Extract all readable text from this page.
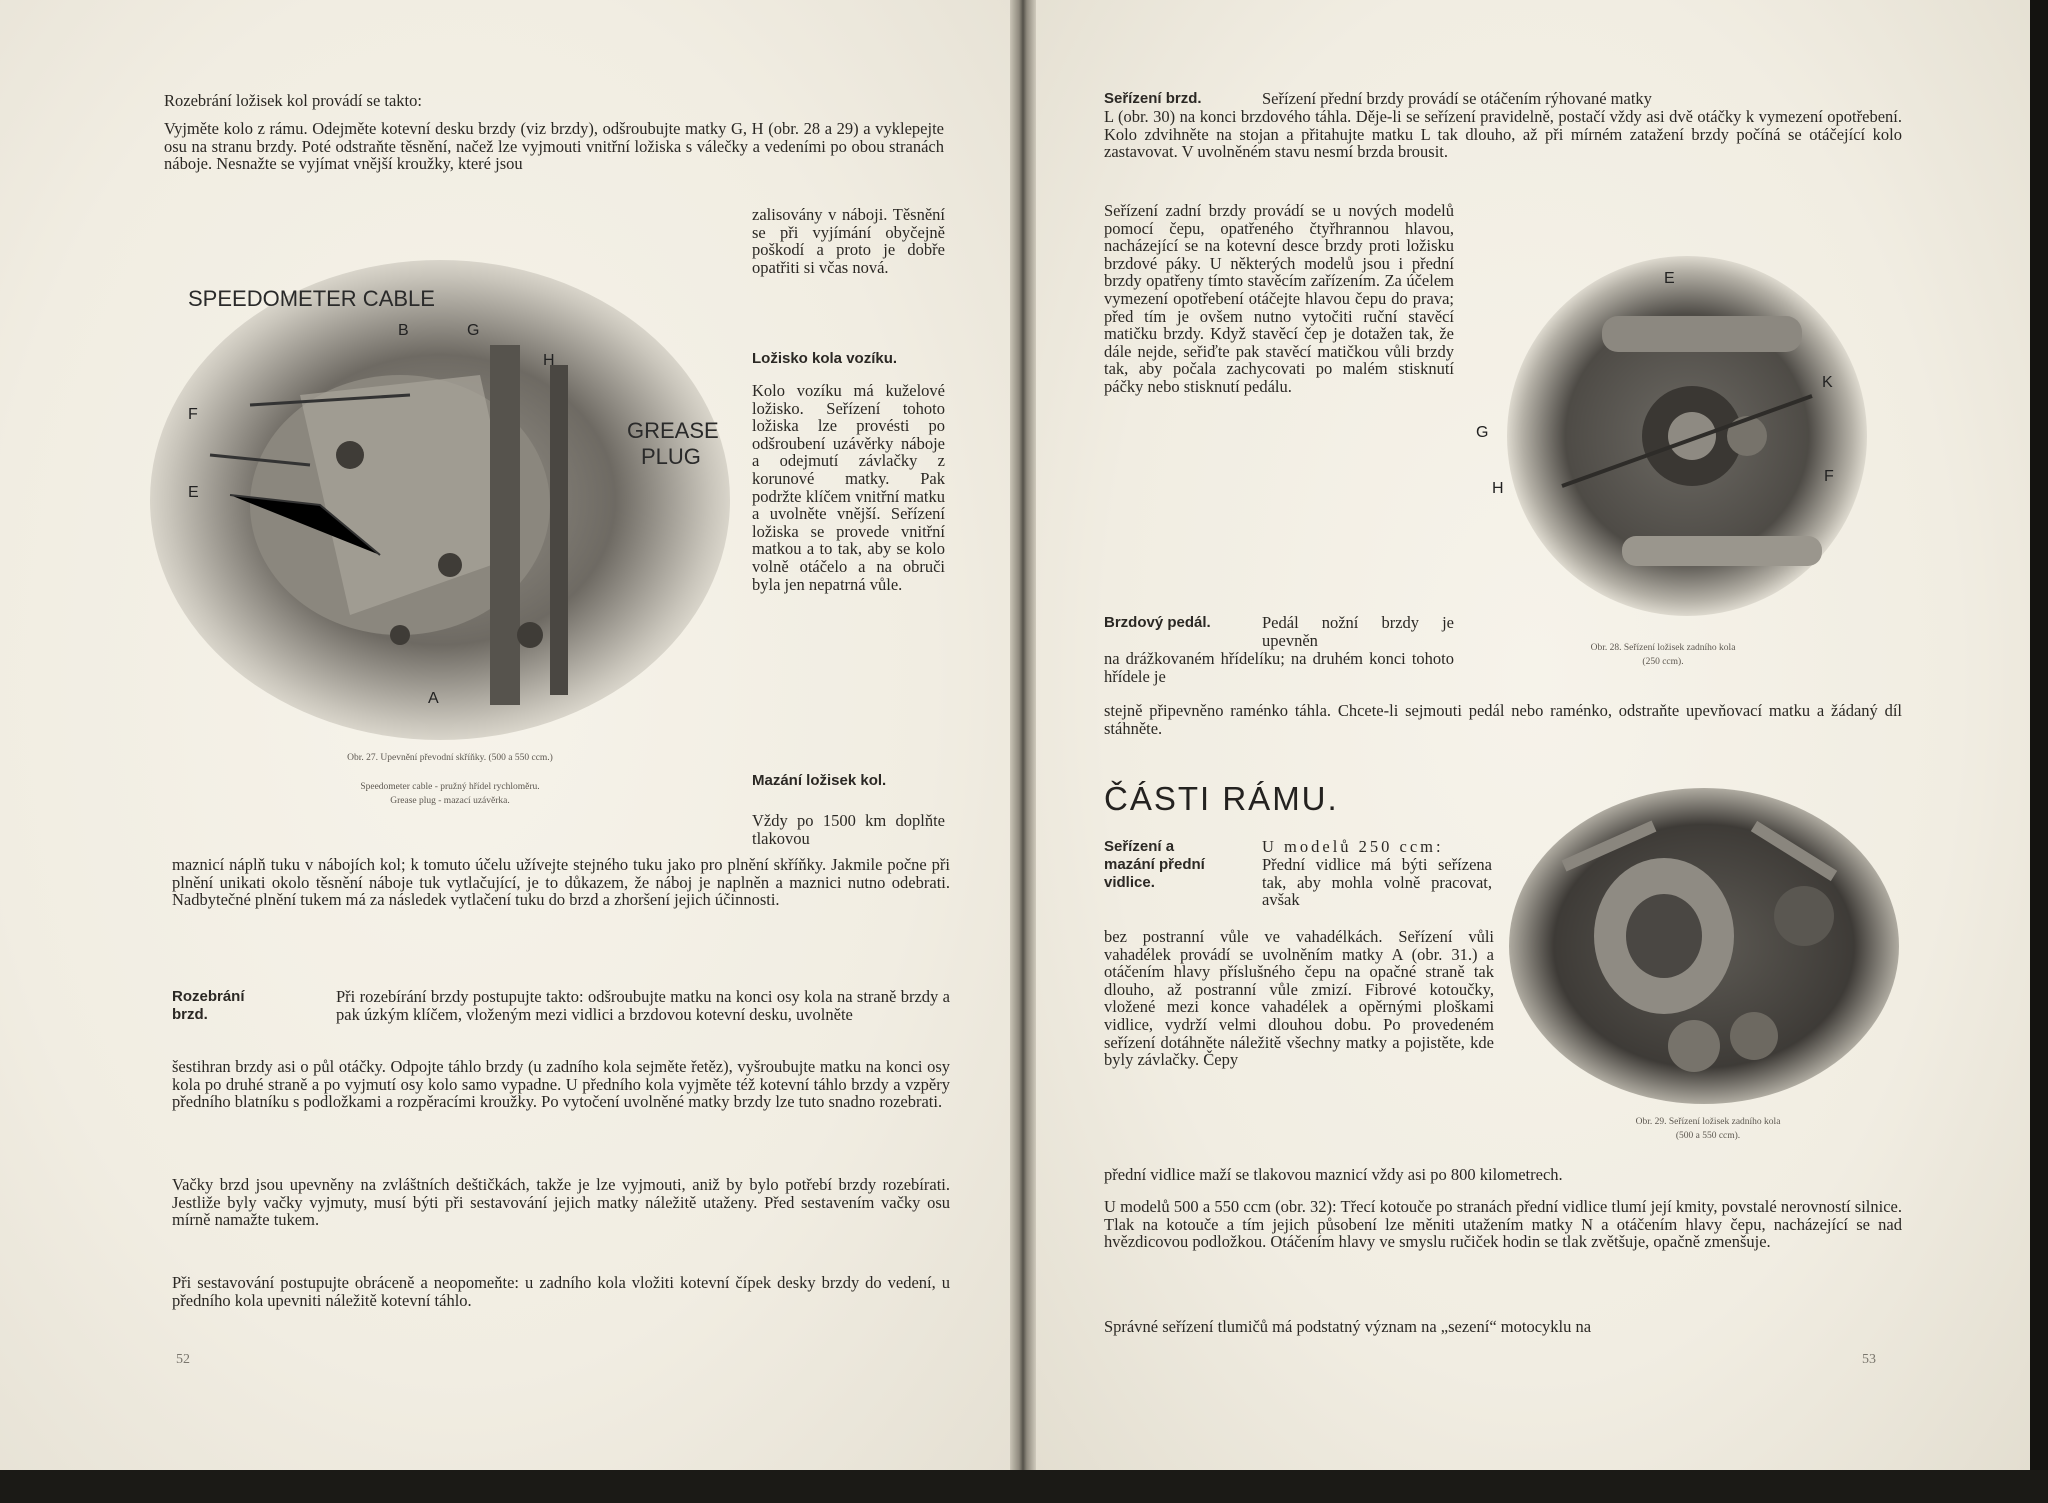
Rozebrání ložisek kol provádí se takto:
Vyjměte kolo z rámu. Odejměte kotevní desku brzdy (viz brzdy), odšroubujte matky G, H (obr. 28 a 29) a vyklepejte osu na stranu brzdy. Poté odstraňte těsnění, načež lze vyjmouti vnitřní ložiska s válečky a vedeními po obou stranách náboje. Nesnažte se vyjímat vnější kroužky, které jsou
zalisovány v náboji. Těsnění se při vyjímání obyčejně poškodí a proto je dobře opatřiti si včas nová.
Ložisko kola vozíku.
Kolo vozíku má kuželové ložisko. Seřízení tohoto ložiska lze provésti po odšroubení uzávěrky náboje a odejmutí závlačky z korunové matky. Pak podržte klíčem vnitřní matku a uvolněte vnější. Seřízení ložiska se provede vnitřní matkou a to tak, aby se kolo volně otáčelo a na obruči byla jen nepatrná vůle.
Mazání ložisek kol.
Vždy po 1500 km doplňte tlakovou
maznicí náplň tuku v nábojích kol; k tomuto účelu užívejte stejného tuku jako pro plnění skříňky. Jakmile počne při plnění unikati okolo těsnění náboje tuk vytlačující, je to důkazem, že náboj je naplněn a maznici nutno odebrati. Nadbytečné plnění tukem má za následek vytlačení tuku do brzd a zhoršení jejich účinnosti.
Rozebrání
brzd.
Při rozebírání brzdy postupujte takto: odšroubujte matku na konci osy kola na straně brzdy a pak úzkým klíčem, vloženým mezi vidlici a brzdovou kotevní desku, uvolněte
šestihran brzdy asi o půl otáčky. Odpojte táhlo brzdy (u zadního kola sejměte řetěz), vyšroubujte matku na konci osy kola po druhé straně a po vyjmutí osy kolo samo vypadne. U předního kola vyjměte též kotevní táhlo brzdy a vzpěry předního blatníku s podložkami a rozpěracími kroužky. Po vytočení uvolněné matky brzdy lze tuto snadno rozebrati.
Vačky brzd jsou upevněny na zvláštních deštičkách, takže je lze vyjmouti, aniž by bylo potřebí brzdy rozebírati. Jestliže byly vačky vyjmuty, musí býti při sestavování jejich matky náležitě utaženy. Před sestavením vačky osu mírně namažte tukem.
Při sestavování postupujte obráceně a neopomeňte: u zadního kola vložiti kotevní čípek desky brzdy do vedení, u předního kola upevniti náležitě kotevní táhlo.
52
SPEEDOMETER CABLE
GREASE
PLUG
B	G
H
F
E
A
Obr. 27. Upevnění převodní skříňky. (500 a 550 ccm.)
Speedometer cable - pružný hřídel rychloměru.
Grease plug - mazací uzávěrka.
Seřízení brzd.	Seřízení přední brzdy provádí se otáčením rýhované matky
L (obr. 30) na konci brzdového táhla. Děje-li se seřízení pravidelně, postačí vždy asi dvě otáčky k vymezení opotřebení. Kolo zdvihněte na stojan a přitahujte matku L tak dlouho, až při mírném zatažení brzdy počíná se otáčející kolo zastavovat. V uvolněném stavu nesmí brzda brousit.
Seřízení zadní brzdy provádí se u nových modelů pomocí čepu, opatřeného čtyřhrannou hlavou, nacházející se na kotevní desce brzdy proti ložisku brzdové páky. U některých modelů jsou i přední brzdy opatřeny tímto stavěcím zařízením. Za účelem vymezení opotřebení otáčejte hlavou čepu do prava; před tím je ovšem nutno vytočiti ruční stavěcí matičku brzdy. Když stavěcí čep je dotažen tak, že dále nejde, seřiďte pak stavěcí matičkou vůli brzdy tak, aby počala zachycovati po malém stisknutí páčky nebo stisknutí pedálu.
Brzdový pedál.	Pedál nožní brzdy je upevněn
na drážkovaném hřídelíku; na druhém konci tohoto hřídele je
stejně připevněno raménko táhla. Chcete-li sejmouti pedál nebo raménko, odstraňte upevňovací matku a žádaný díl stáhněte.
E
K
G
H
F
Obr. 28. Seřízení ložisek zadního kola
(250 ccm).
ČÁSTI RÁMU.
Seřízení a
mazání přední
vidlice.
U modelů 250 ccm:
Přední vidlice má býti seřízena tak, aby mohla volně pracovat, avšak
bez postranní vůle ve vahadélkách. Seřízení vůli vahadélek provádí se uvolněním matky A (obr. 31.) a otáčením hlavy příslušného čepu na opačné straně tak dlouho, až postranní vůle zmizí. Fibrové kotoučky, vložené mezi konce vahadélek a opěrnými ploškami vidlice, vydrží velmi dlouhou dobu. Po provedeném seřízení dotáhněte náležitě všechny matky a pojistěte, kde byly závlačky. Čepy
přední vidlice maží se tlakovou maznicí vždy asi po 800 kilometrech.
U modelů 500 a 550 ccm (obr. 32): Třecí kotouče po stranách přední vidlice tlumí její kmity, povstalé nerovností silnice. Tlak na kotouče a tím jejich působení lze měniti utažením matky N a otáčením hlavy čepu, nacházející se nad hvězdicovou podložkou. Otáčením hlavy ve smyslu ručiček hodin se tlak zvětšuje, opačně zmenšuje.
Správné seřízení tlumičů má podstatný význam na „sezení“ motocyklu na
53
Obr. 29. Seřízení ložisek zadního kola
(500 a 550 ccm).
